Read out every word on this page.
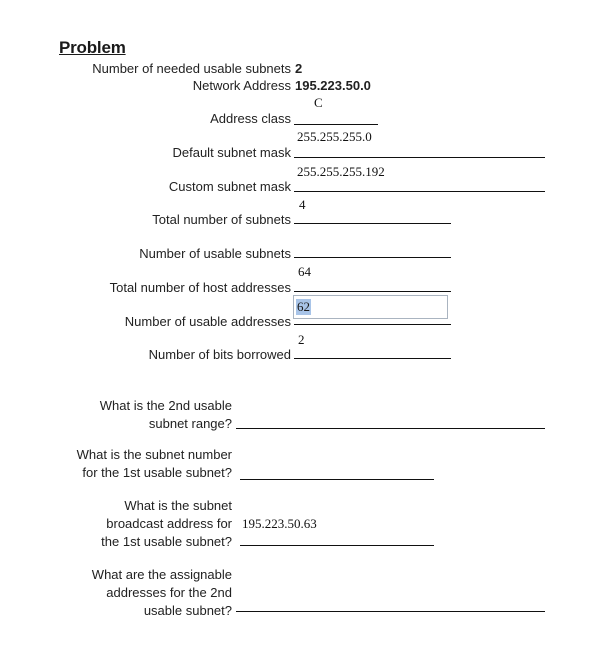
Problem
Number of needed usable subnets 2
Network Address 195.223.50.0
C
Address class
255.255.255.0
Default subnet mask
255.255.255.192
Custom subnet mask
4
Total number of subnets
Number of usable subnets
64
Total number of host addresses
62
Number of usable addresses
2
Number of bits borrowed
What is the 2nd usable
subnet range?
What is the subnet number
for the 1st usable subnet?
What is the subnet
broadcast address for
the 1st usable subnet?
195.223.50.63
What are the assignable
addresses for the 2nd
usable subnet?
